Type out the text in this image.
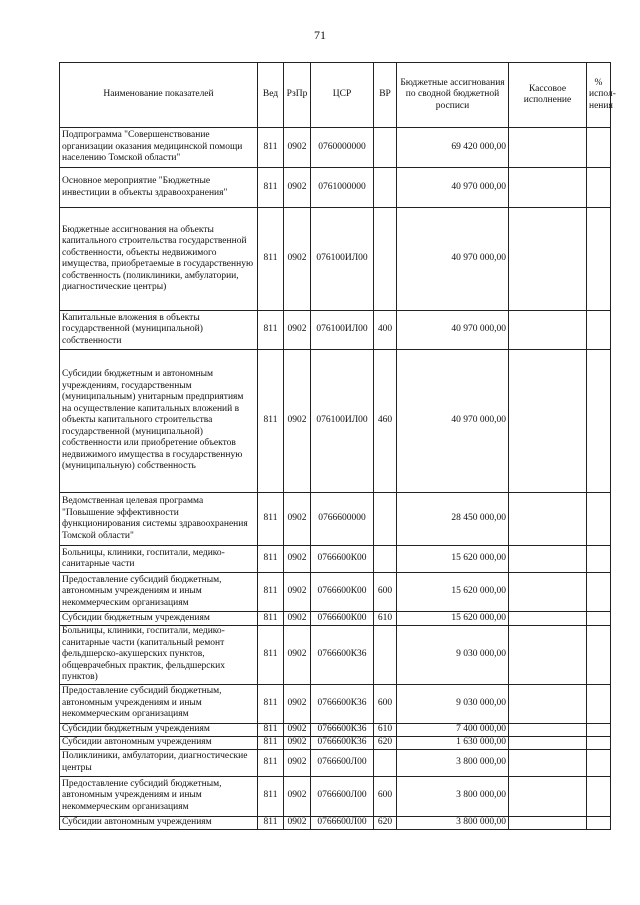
71
Наименование показателей	Вед	РзПр	ЦСР	ВР	Бюджетные ассигнования по сводной бюджетной росписи	Кассовое исполнение	% испол-нения
Подпрограмма "Совершенствование организации оказания медицинской помощи населению Томской области"	811	0902	0760000000		69 420 000,00		
Основное мероприятие "Бюджетные инвестиции в объекты здравоохранения"	811	0902	0761000000		40 970 000,00		
Бюджетные ассигнования на объекты капитального строительства государственной собственности, объекты недвижимого имущества, приобретаемые в государственную собственность (поликлиники, амбулатории, диагностические центры)	811	0902	076100ИЛ00		40 970 000,00		
Капитальные вложения в объекты государственной (муниципальной) собственности	811	0902	076100ИЛ00	400	40 970 000,00		
Субсидии бюджетным и автономным учреждениям, государственным (муниципальным) унитарным предприятиям на осуществление капитальных вложений в объекты капитального строительства государственной (муниципальной) собственности или приобретение объектов недвижимого имущества в государственную (муниципальную) собственность	811	0902	076100ИЛ00	460	40 970 000,00		
Ведомственная целевая программа "Повышение эффективности функционирования системы здравоохранения Томской области"	811	0902	0766600000		28 450 000,00		
Больницы, клиники, госпитали, медико-санитарные части	811	0902	0766600К00		15 620 000,00		
Предоставление субсидий бюджетным, автономным учреждениям и иным некоммерческим организациям	811	0902	0766600К00	600	15 620 000,00		
Субсидии бюджетным учреждениям	811	0902	0766600К00	610	15 620 000,00		
Больницы, клиники, госпитали, медико-санитарные части (капитальный ремонт фельдшерско-акушерских пунктов, общеврачебных практик, фельдшерских пунктов)	811	0902	0766600К36		9 030 000,00		
Предоставление субсидий бюджетным, автономным учреждениям и иным некоммерческим организациям	811	0902	0766600К36	600	9 030 000,00		
Субсидии бюджетным учреждениям	811	0902	0766600К36	610	7 400 000,00		
Субсидии автономным учреждениям	811	0902	0766600К36	620	1 630 000,00		
Поликлиники, амбулатории, диагностические центры	811	0902	0766600Л00		3 800 000,00		
Предоставление субсидий бюджетным, автономным учреждениям и иным некоммерческим организациям	811	0902	0766600Л00	600	3 800 000,00		
Субсидии автономным учреждениям	811	0902	0766600Л00	620	3 800 000,00		
